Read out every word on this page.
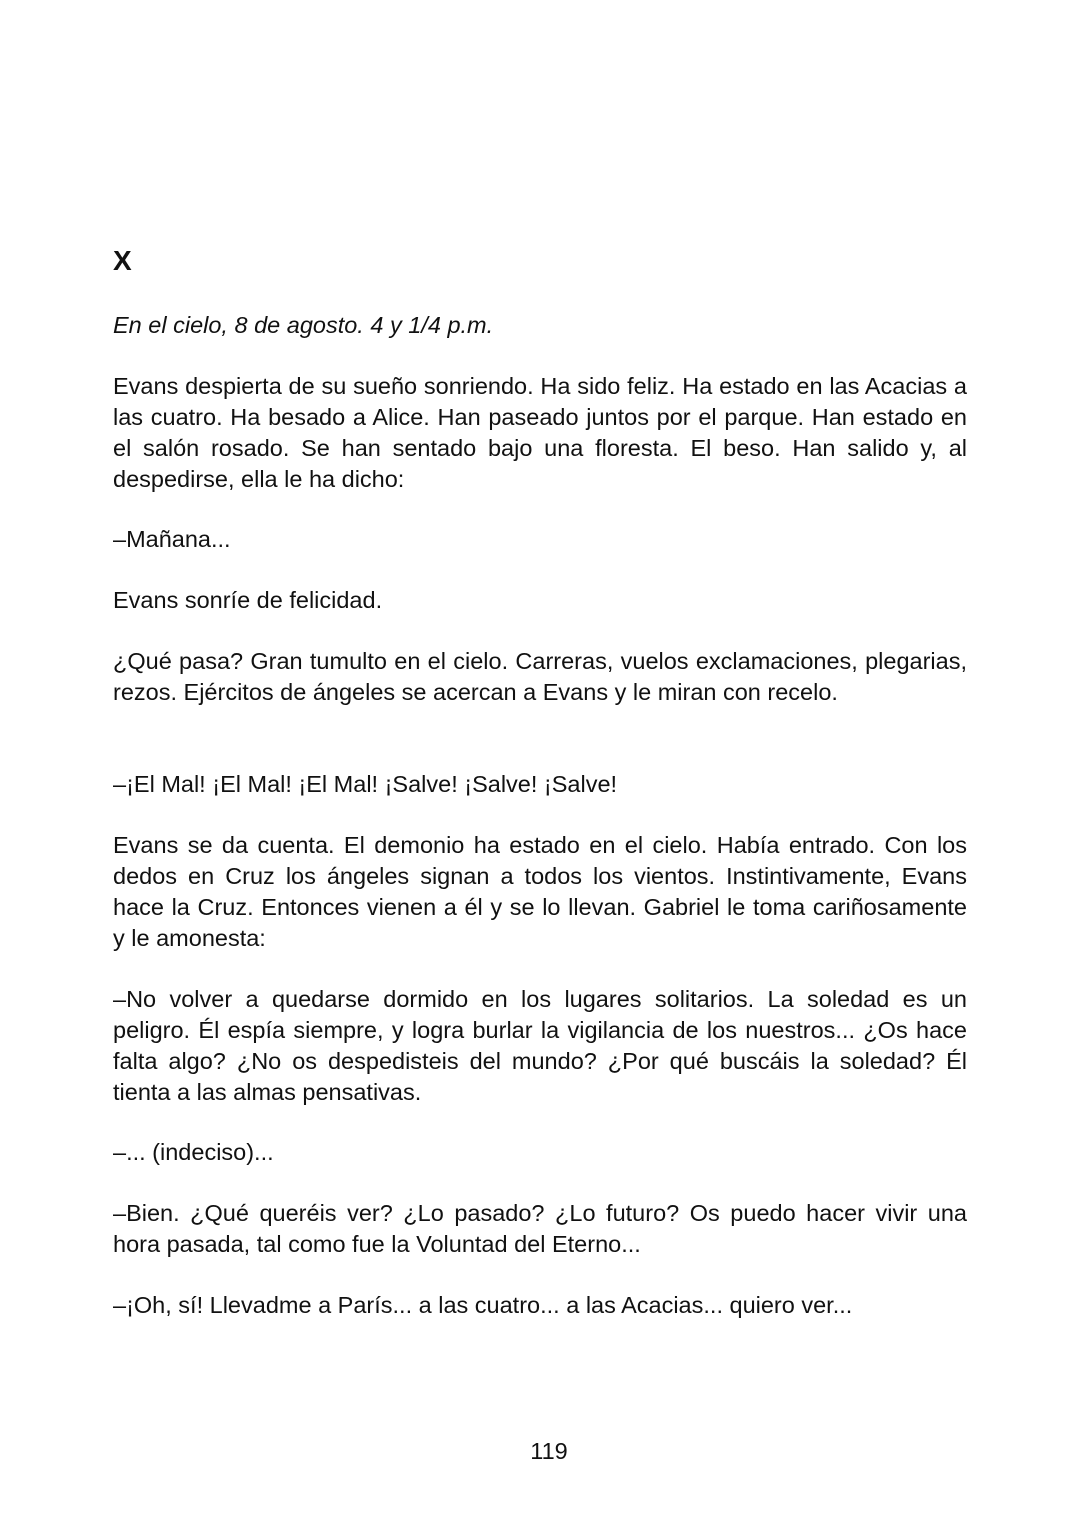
X

En el cielo, 8 de agosto. 4 y 1/4 p.m.

Evans despierta de su sueño sonriendo. Ha sido feliz. Ha estado en las Acacias a las cuatro. Ha besado a Alice. Han paseado juntos por el parque. Han estado en el salón rosado. Se han sentado bajo una floresta. El beso. Han salido y, al despedirse, ella le ha dicho:

–Mañana...

Evans sonríe de felicidad.

¿Qué pasa? Gran tumulto en el cielo. Carreras, vuelos exclamaciones, plegarias, rezos. Ejércitos de ángeles se acercan a Evans y le miran con recelo.

–¡El Mal! ¡El Mal! ¡El Mal! ¡Salve! ¡Salve! ¡Salve!

Evans se da cuenta. El demonio ha estado en el cielo. Había entrado. Con los dedos en Cruz los ángeles signan a todos los vientos. Instintivamente, Evans hace la Cruz. Entonces vienen a él y se lo llevan. Gabriel le toma cariñosamente y le amonesta:

–No volver a quedarse dormido en los lugares solitarios. La soledad es un peligro. Él espía siempre, y logra burlar la vigilancia de los nuestros... ¿Os hace falta algo? ¿No os despedisteis del mundo? ¿Por qué buscáis la soledad? Él tienta a las almas pensativas.

–... (indeciso)...

–Bien. ¿Qué queréis ver? ¿Lo pasado? ¿Lo futuro? Os puedo hacer vivir una hora pasada, tal como fue la Voluntad del Eterno...

–¡Oh, sí! Llevadme a París... a las cuatro... a las Acacias... quiero ver...

119
